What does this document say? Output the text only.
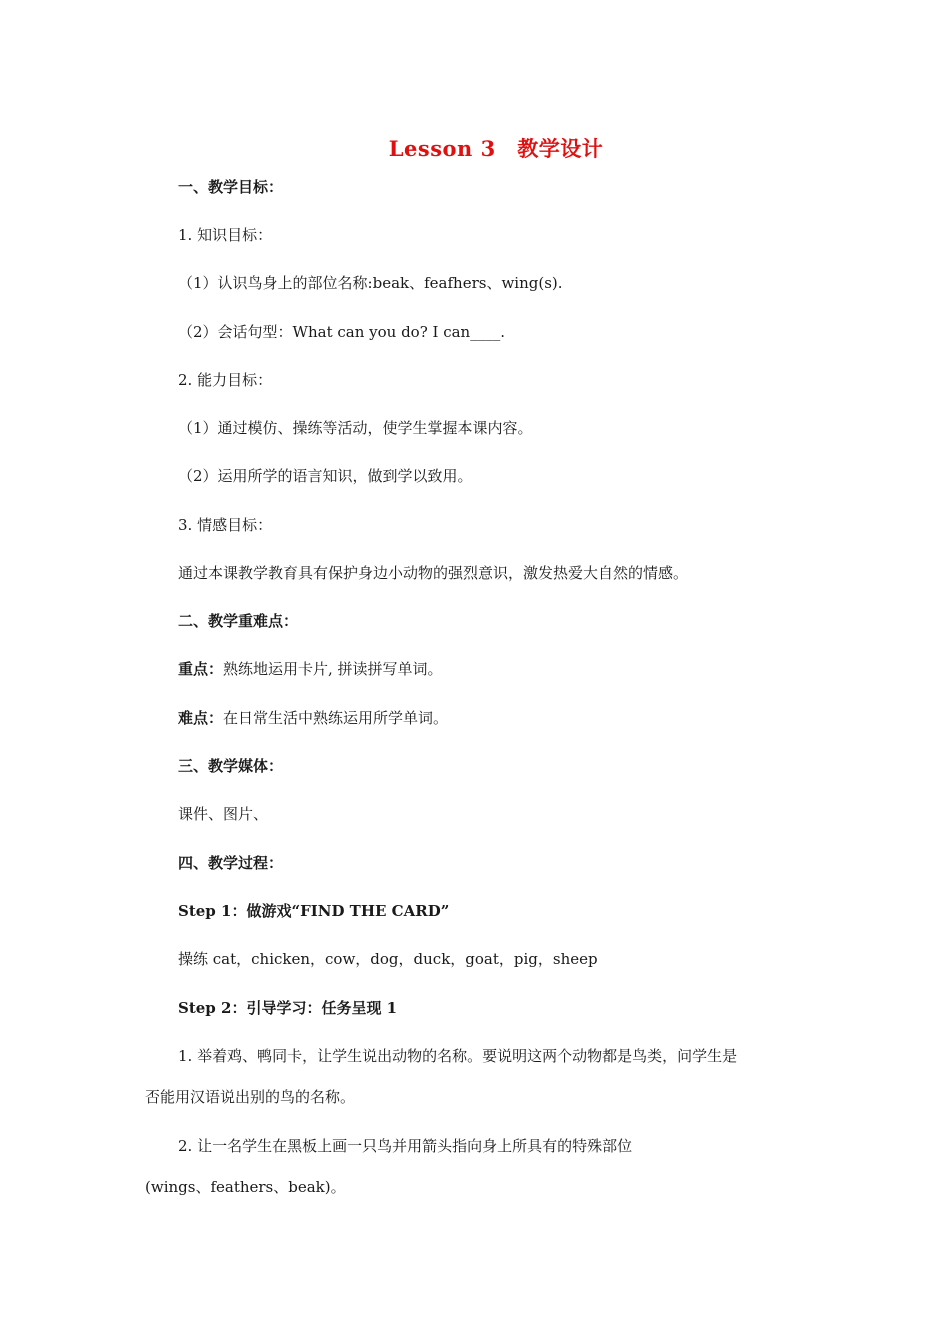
Lesson 3　教学设计
一、教学目标：
1. 知识目标：
（1）认识鸟身上的部位名称:beak、feafhers、wing(s).
（2）会话句型：What can you do? I can____.
2. 能力目标：
（1）通过模仿、操练等活动，使学生掌握本课内容。
（2）运用所学的语言知识，做到学以致用。
3. 情感目标：
通过本课教学教育具有保护身边小动物的强烈意识，激发热爱大自然的情感。
二、教学重难点：
重点：熟练地运用卡片, 拼读拼写单词。
难点：在日常生活中熟练运用所学单词。
三、教学媒体：
课件、图片、
四、教学过程：
Step 1：做游戏“FIND THE CARD”
操练 cat，chicken，cow，dog，duck，goat，pig，sheep
Step 2：引导学习：任务呈现 1
1. 举着鸡、鸭同卡，让学生说出动物的名称。要说明这两个动物都是鸟类，问学生是
否能用汉语说出别的鸟的名称。
2. 让一名学生在黑板上画一只鸟并用箭头指向身上所具有的特殊部位
(wings、feathers、beak)。
